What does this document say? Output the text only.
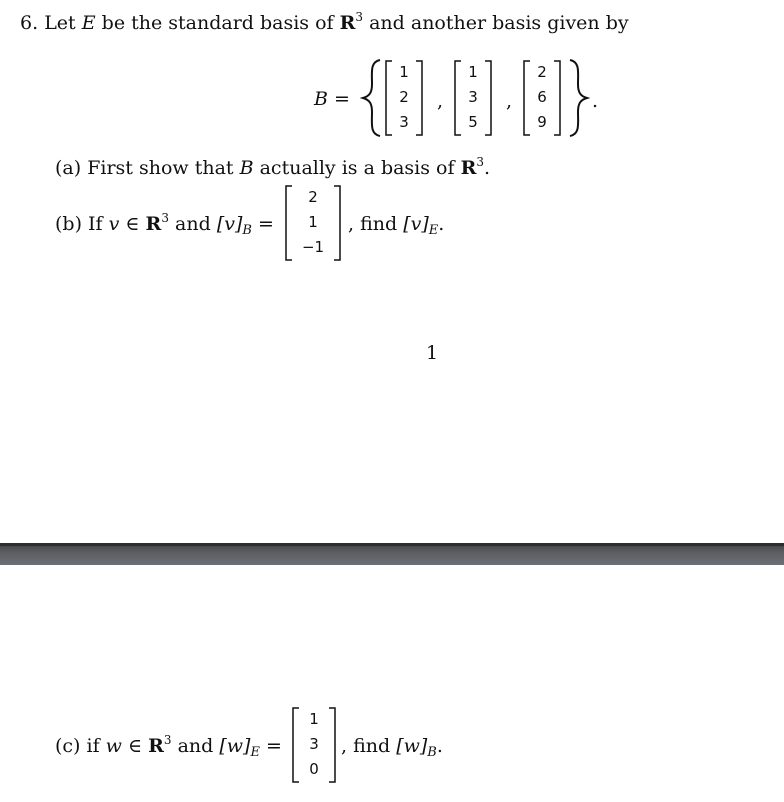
6. Let E be the standard basis of $R^3$ and another basis given by
B =
1
2
3
,
1
3
5
,
2
6
9
.
(a) First show that B actually is a basis of $R^3$.
(b) If v ∈ $R^3$ and $[v]_B$ =
2
1
−1
, find $[v]_E$.
1
(c) if w ∈ $R^3$ and $[w]_E$ =
1
3
0
, find $[w]_B$.
